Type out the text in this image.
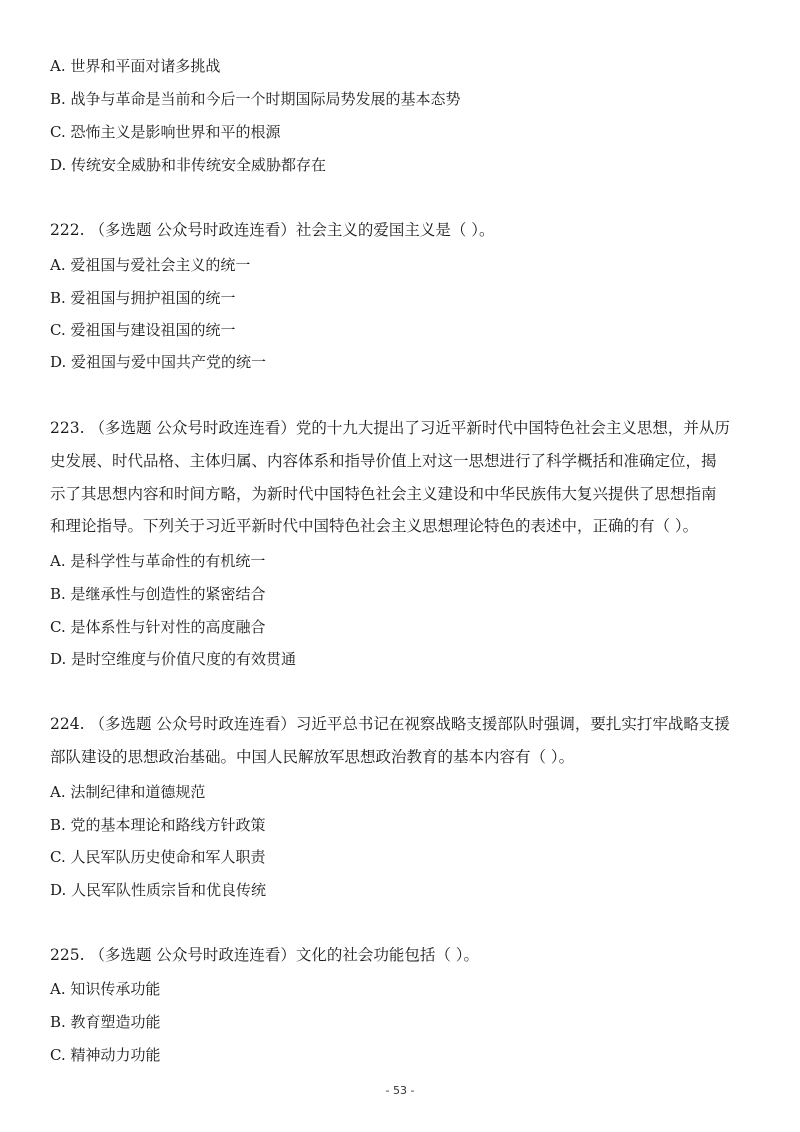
A. 世界和平面对诸多挑战
B. 战争与革命是当前和今后一个时期国际局势发展的基本态势
C. 恐怖主义是影响世界和平的根源
D. 传统安全威胁和非传统安全威胁都存在
222. （多选题 公众号时政连连看）社会主义的爱国主义是（ ）。
A. 爱祖国与爱社会主义的统一
B. 爱祖国与拥护祖国的统一
C. 爱祖国与建设祖国的统一
D. 爱祖国与爱中国共产党的统一
223. （多选题 公众号时政连连看）党的十九大提出了习近平新时代中国特色社会主义思想，并从历
史发展、时代品格、主体归属、内容体系和指导价值上对这一思想进行了科学概括和准确定位，揭
示了其思想内容和时间方略，为新时代中国特色社会主义建设和中华民族伟大复兴提供了思想指南
和理论指导。下列关于习近平新时代中国特色社会主义思想理论特色的表述中，正确的有（ ）。
A. 是科学性与革命性的有机统一
B. 是继承性与创造性的紧密结合
C. 是体系性与针对性的高度融合
D. 是时空维度与价值尺度的有效贯通
224. （多选题 公众号时政连连看）习近平总书记在视察战略支援部队时强调，要扎实打牢战略支援
部队建设的思想政治基础。中国人民解放军思想政治教育的基本内容有（ ）。
A. 法制纪律和道德规范
B. 党的基本理论和路线方针政策
C. 人民军队历史使命和军人职责
D. 人民军队性质宗旨和优良传统
225. （多选题 公众号时政连连看）文化的社会功能包括（ ）。
A. 知识传承功能
B. 教育塑造功能
C. 精神动力功能
- 53 -
